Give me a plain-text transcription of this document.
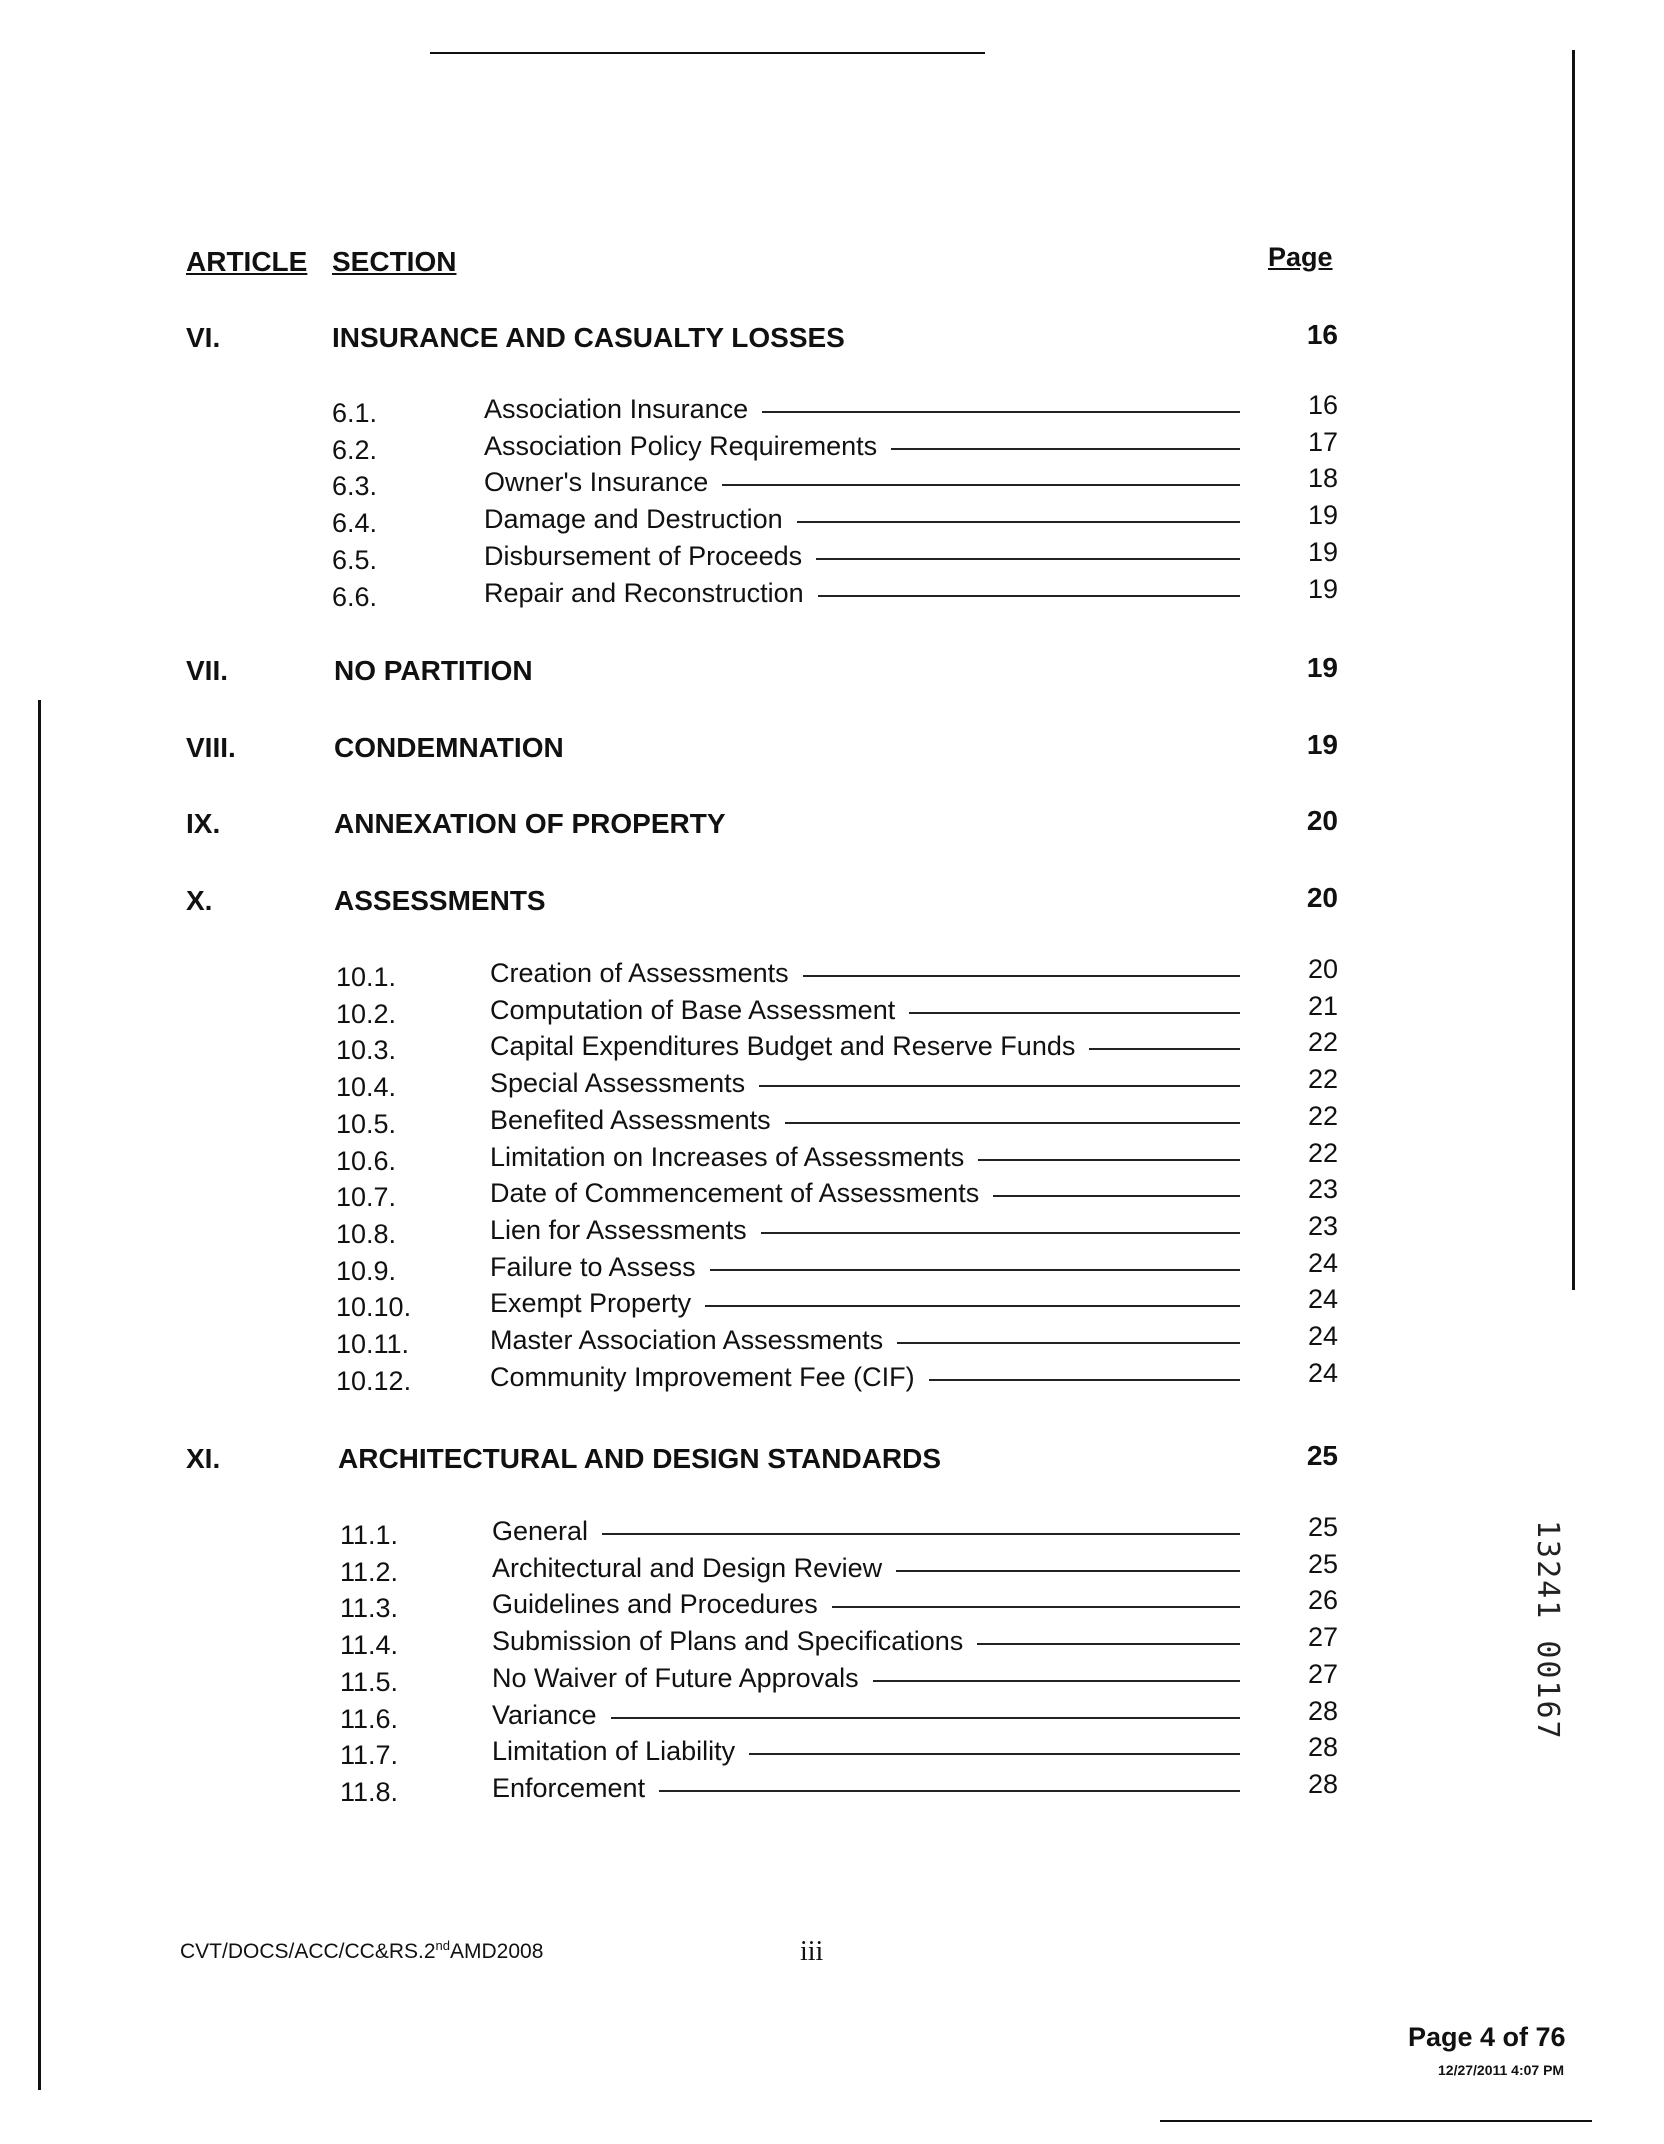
ARTICLE SECTION	Page
VI.	INSURANCE AND CASUALTY LOSSES	16
6.1.	Association Insurance	16
6.2.	Association Policy Requirements	17
6.3.	Owner's Insurance	18
6.4.	Damage and Destruction	19
6.5.	Disbursement of Proceeds	19
6.6.	Repair and Reconstruction	19
VII.	NO PARTITION	19
VIII.	CONDEMNATION	19
IX.	ANNEXATION OF PROPERTY	20
X.	ASSESSMENTS	20
10.1.	Creation of Assessments	20
10.2.	Computation of Base Assessment	21
10.3.	Capital Expenditures Budget and Reserve Funds	22
10.4.	Special Assessments	22
10.5.	Benefited Assessments	22
10.6.	Limitation on Increases of Assessments	22
10.7.	Date of Commencement of Assessments	23
10.8.	Lien for Assessments	23
10.9.	Failure to Assess	24
10.10.	Exempt Property	24
10.11.	Master Association Assessments	24
10.12.	Community Improvement Fee (CIF)	24
XI.	ARCHITECTURAL AND DESIGN STANDARDS	25
11.1.	General	25
11.2.	Architectural and Design Review	25
11.3.	Guidelines and Procedures	26
11.4.	Submission of Plans and Specifications	27
11.5.	No Waiver of Future Approvals	27
11.6.	Variance	28
11.7.	Limitation of Liability	28
11.8.	Enforcement	28
13241 00167
CVT/DOCS/ACC/CC&RS.2ndAMD2008	iii
Page 4 of 76
12/27/2011 4:07 PM
